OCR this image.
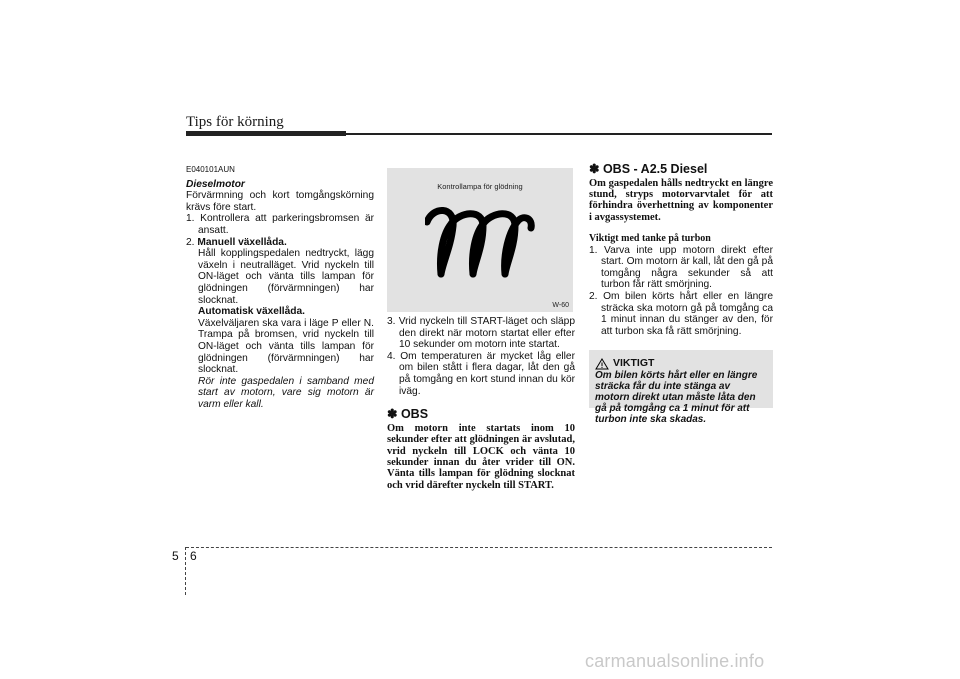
Tips för körning
E040101AUN
Dieselmotor
Förvärmning och kort tomgångskörning krävs före start.
1. Kontrollera att parkeringsbromsen är ansatt.
2. Manuell växellåda.
Håll kopplingspedalen nedtryckt, lägg växeln i neutralläget. Vrid nyckeln till ON-läget och vänta tills lampan för glödningen (förvärmningen) har slocknat.
Automatisk växellåda.
Växelväljaren ska vara i läge P eller N. Trampa på bromsen, vrid nyckeln till ON-läget och vänta tills lampan för glödningen (förvärmningen) har slocknat.
Rör inte gaspedalen i samband med start av motorn, vare sig motorn är varm eller kall.
Kontrollampa för glödning
W-60
3. Vrid nyckeln till START-läget och släpp den direkt när motorn startat eller efter 10 sekunder om motorn inte startat.
4. Om temperaturen är mycket låg eller om bilen stått i flera dagar, låt den gå på tomgång en kort stund innan du kör iväg.
✽ OBS
Om motorn inte startats inom 10 sekunder efter att glödningen är avslutad, vrid nyckeln till LOCK och vänta 10 sekunder innan du åter vrider till ON. Vänta tills lampan för glödning slocknat och vrid därefter nyckeln till START.
✽ OBS - A2.5 Diesel
Om gaspedalen hålls nedtryckt en längre stund, stryps motorvarvtalet för att förhindra överhettning av komponenter i avgassystemet.
Viktigt med tanke på turbon
1. Varva inte upp motorn direkt efter start. Om motorn är kall, låt den gå på tomgång några sekunder så att turbon får rätt smörjning.
2. Om bilen körts hårt eller en längre sträcka ska motorn gå på tomgång ca 1 minut innan du stänger av den, för att turbon ska få rätt smörjning.
VIKTIGT
Om bilen körts hårt eller en längre sträcka får du inte stänga av motorn direkt utan måste låta den gå på tomgång ca 1 minut för att turbon inte ska skadas.
5 6
carmanualsonline.info
